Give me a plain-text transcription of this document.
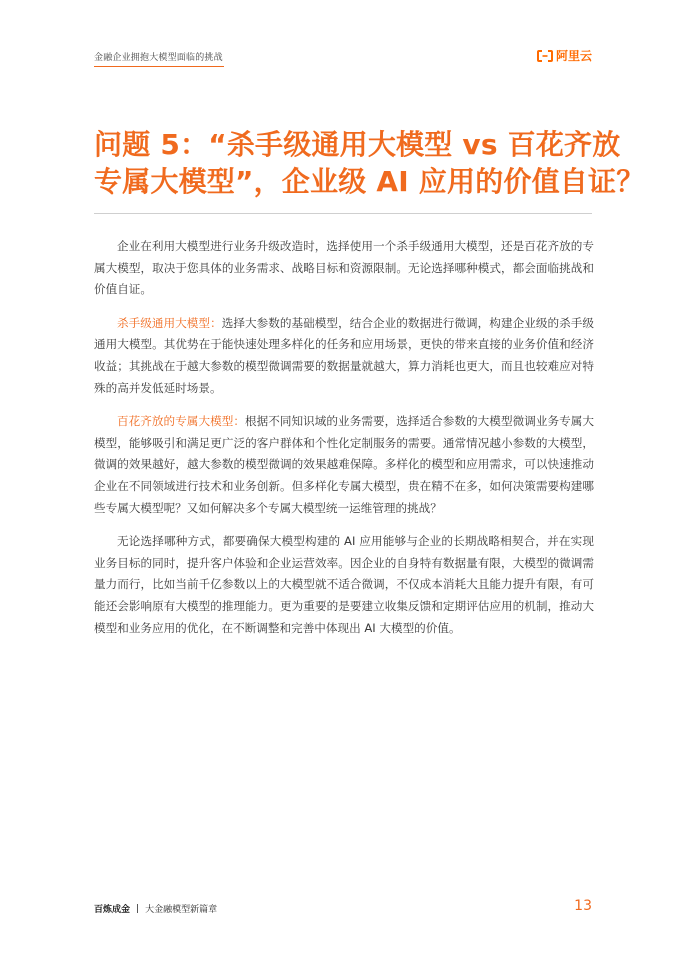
金融企业拥抱大模型面临的挑战	阿里云
问题 5：“杀手级通用大模型 vs 百花齐放
专属大模型”，企业级 AI 应用的价值自证？

企业在利用大模型进行业务升级改造时，选择使用一个杀手级通用大模型，还是百花齐放的专属大模型，取决于您具体的业务需求、战略目标和资源限制。无论选择哪种模式，都会面临挑战和价值自证。

杀手级通用大模型：选择大参数的基础模型，结合企业的数据进行微调，构建企业级的杀手级通用大模型。其优势在于能快速处理多样化的任务和应用场景，更快的带来直接的业务价值和经济收益；其挑战在于越大参数的模型微调需要的数据量就越大，算力消耗也更大，而且也较难应对特殊的高并发低延时场景。

百花齐放的专属大模型：根据不同知识域的业务需要，选择适合参数的大模型微调业务专属大模型，能够吸引和满足更广泛的客户群体和个性化定制服务的需要。通常情况越小参数的大模型，微调的效果越好，越大参数的模型微调的效果越难保障。多样化的模型和应用需求，可以快速推动企业在不同领域进行技术和业务创新。但多样化专属大模型，贵在精不在多，如何决策需要构建哪些专属大模型呢？又如何解决多个专属大模型统一运维管理的挑战？

无论选择哪种方式，都要确保大模型构建的 AI 应用能够与企业的长期战略相契合，并在实现业务目标的同时，提升客户体验和企业运营效率。因企业的自身特有数据量有限，大模型的微调需量力而行，比如当前千亿参数以上的大模型就不适合微调，不仅成本消耗大且能力提升有限，有可能还会影响原有大模型的推理能力。更为重要的是要建立收集反馈和定期评估应用的机制，推动大模型和业务应用的优化，在不断调整和完善中体现出 AI 大模型的价值。

百炼成金 | 大金融模型新篇章	13
